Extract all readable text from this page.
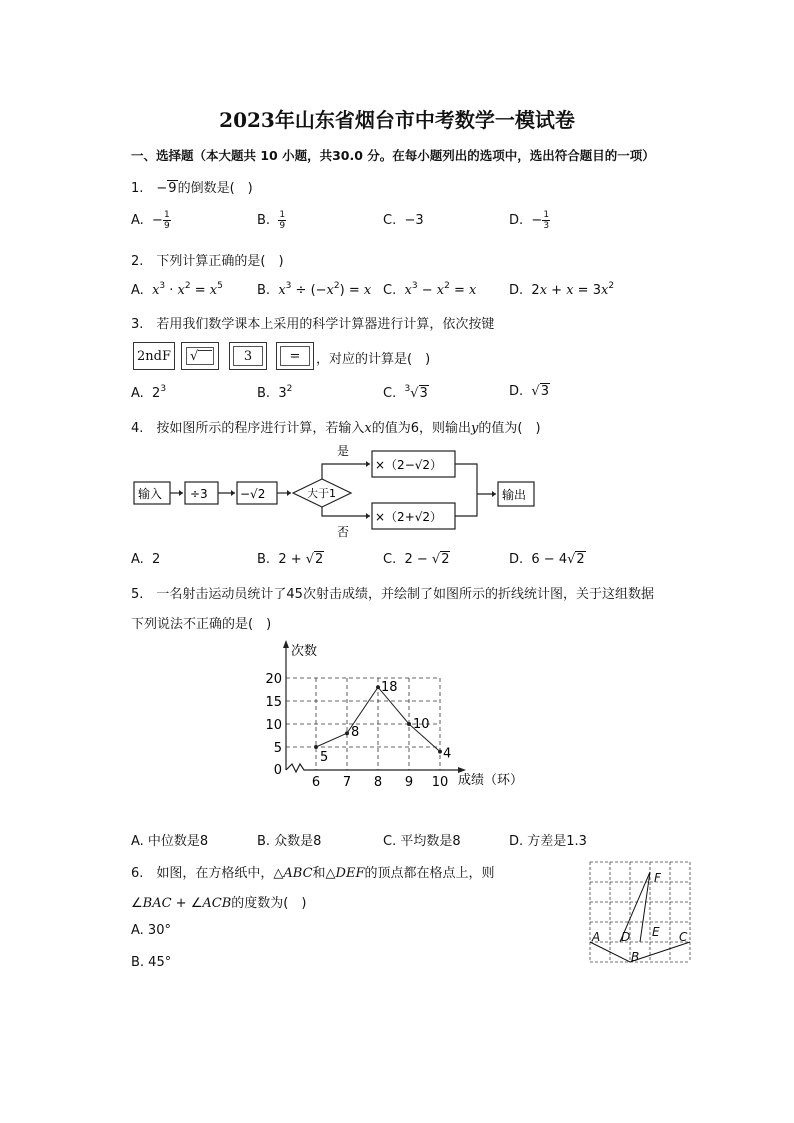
2023年山东省烟台市中考数学一模试卷
一、选择题（本大题共 10 小题，共30.0 分。在每小题列出的选项中，选出符合题目的一项）
1.　−9的倒数是(　)
A.  − $\frac{1}{9}$	B. $\frac{1}{9}$	C.  −3	D.  − $\frac{1}{3}$
2.　下列计算正确的是(　)
A.  $x^3 \cdot x^2 = x^5$	B.  $x^3 \div (-x^2) = x$ C.  $x^3 - x^2 = x$	D.  $2x + x = 3x^2$
3.　若用我们数学课本上采用的科学计算器进行计算，依次按键
2ndF √	3	= ，对应的计算是(　)
A.  $2^3$	B.  $3^2$	C.  $^3$√3	D.  √3
4.　按如图所示的程序进行计算，若输入x的值为6，则输出y的值为(　)
输入 ÷3	−√2	大于1
是
否
×（2−√2）
×（2+√2）
输出
A.  2	B.  2 + √2	C.  2 − √2	D.  6 − 4√2
5.　一名射击运动员统计了45次射击成绩，并绘制了如图所示的折线统计图，关于这组数据
下列说法不正确的是(　)
次数
成绩（环）
0
5
10
15
20
6 7 8 9 10
5
8
18
10
4
A. 中位数是8	B. 众数是8	C. 平均数是8	D. 方差是1.3
6.　如图，在方格纸中，△ABC和△DEF的顶点都在格点上，则
∠BAC + ∠ACB的度数为(　)
A. 30°
B. 45°
A
B
C
D E
F
